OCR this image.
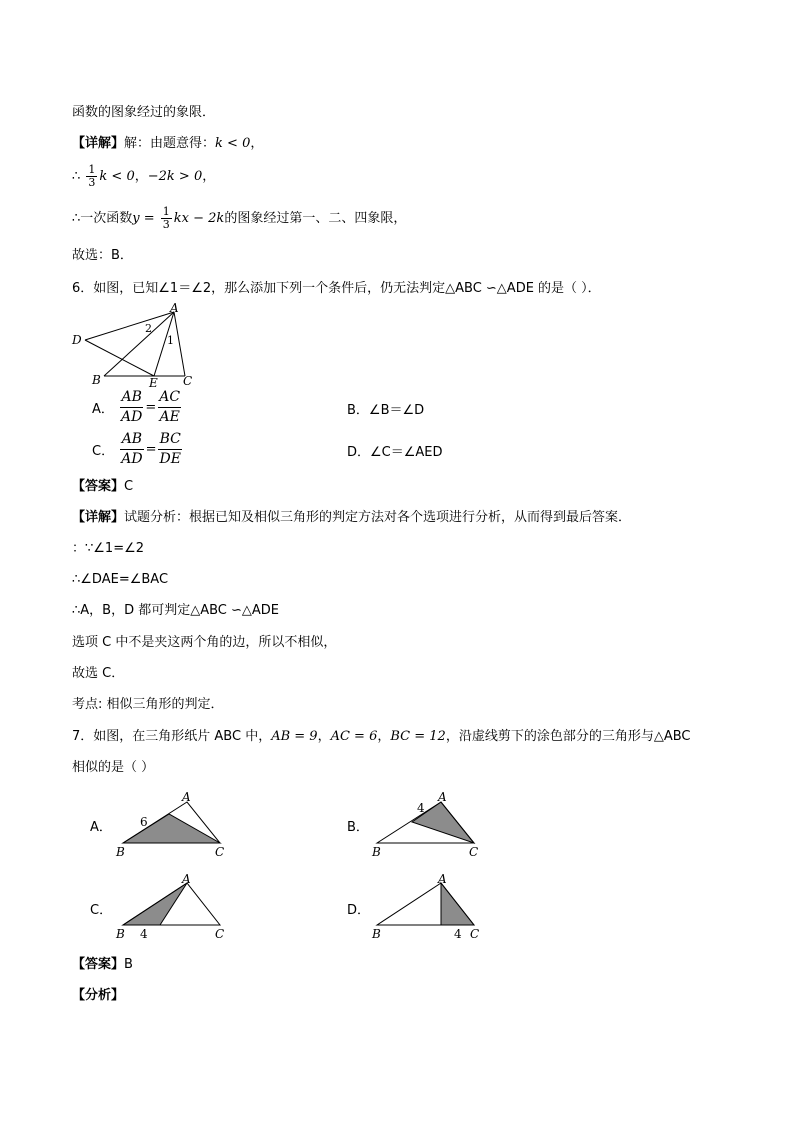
函数的图象经过的象限．
【详解】解：由题意得：k < 0，
∴ $\frac{1}{3}$ k < 0，−2k > 0，
∴一次函数$y = \frac{1}{3}$ kx − 2k的图象经过第一、二、四象限，
故选：B．
6．如图，已知∠1＝∠2，那么添加下列一个条件后，仍无法判定△ABC ∽△ADE 的是（ ）．
A
D
B	E C
1
2
A． $\frac{AB}{AD} = \frac{AC}{AE}$	B．∠B＝∠D
C． $\frac{AB}{AD} = \frac{BC}{DE}$	D．∠C＝∠AED
【答案】C
【详解】试题分析：根据已知及相似三角形的判定方法对各个选项进行分析，从而得到最后答案．
：∵∠1=∠2
∴∠DAE=∠BAC
∴A，B，D 都可判定△ABC ∽△ADE
选项 C 中不是夹这两个角的边，所以不相似，
故选 C．
考点: 相似三角形的判定．
7．如图，在三角形纸片 ABC 中，AB = 9，AC = 6，BC = 12，沿虚线剪下的涂色部分的三角形与△ABC
相似的是（ ）
A．
A
B	C
6	B．
A
B	C
4
C．
A
B	C
4
D．
A
B	C
4
【答案】B
【分析】
